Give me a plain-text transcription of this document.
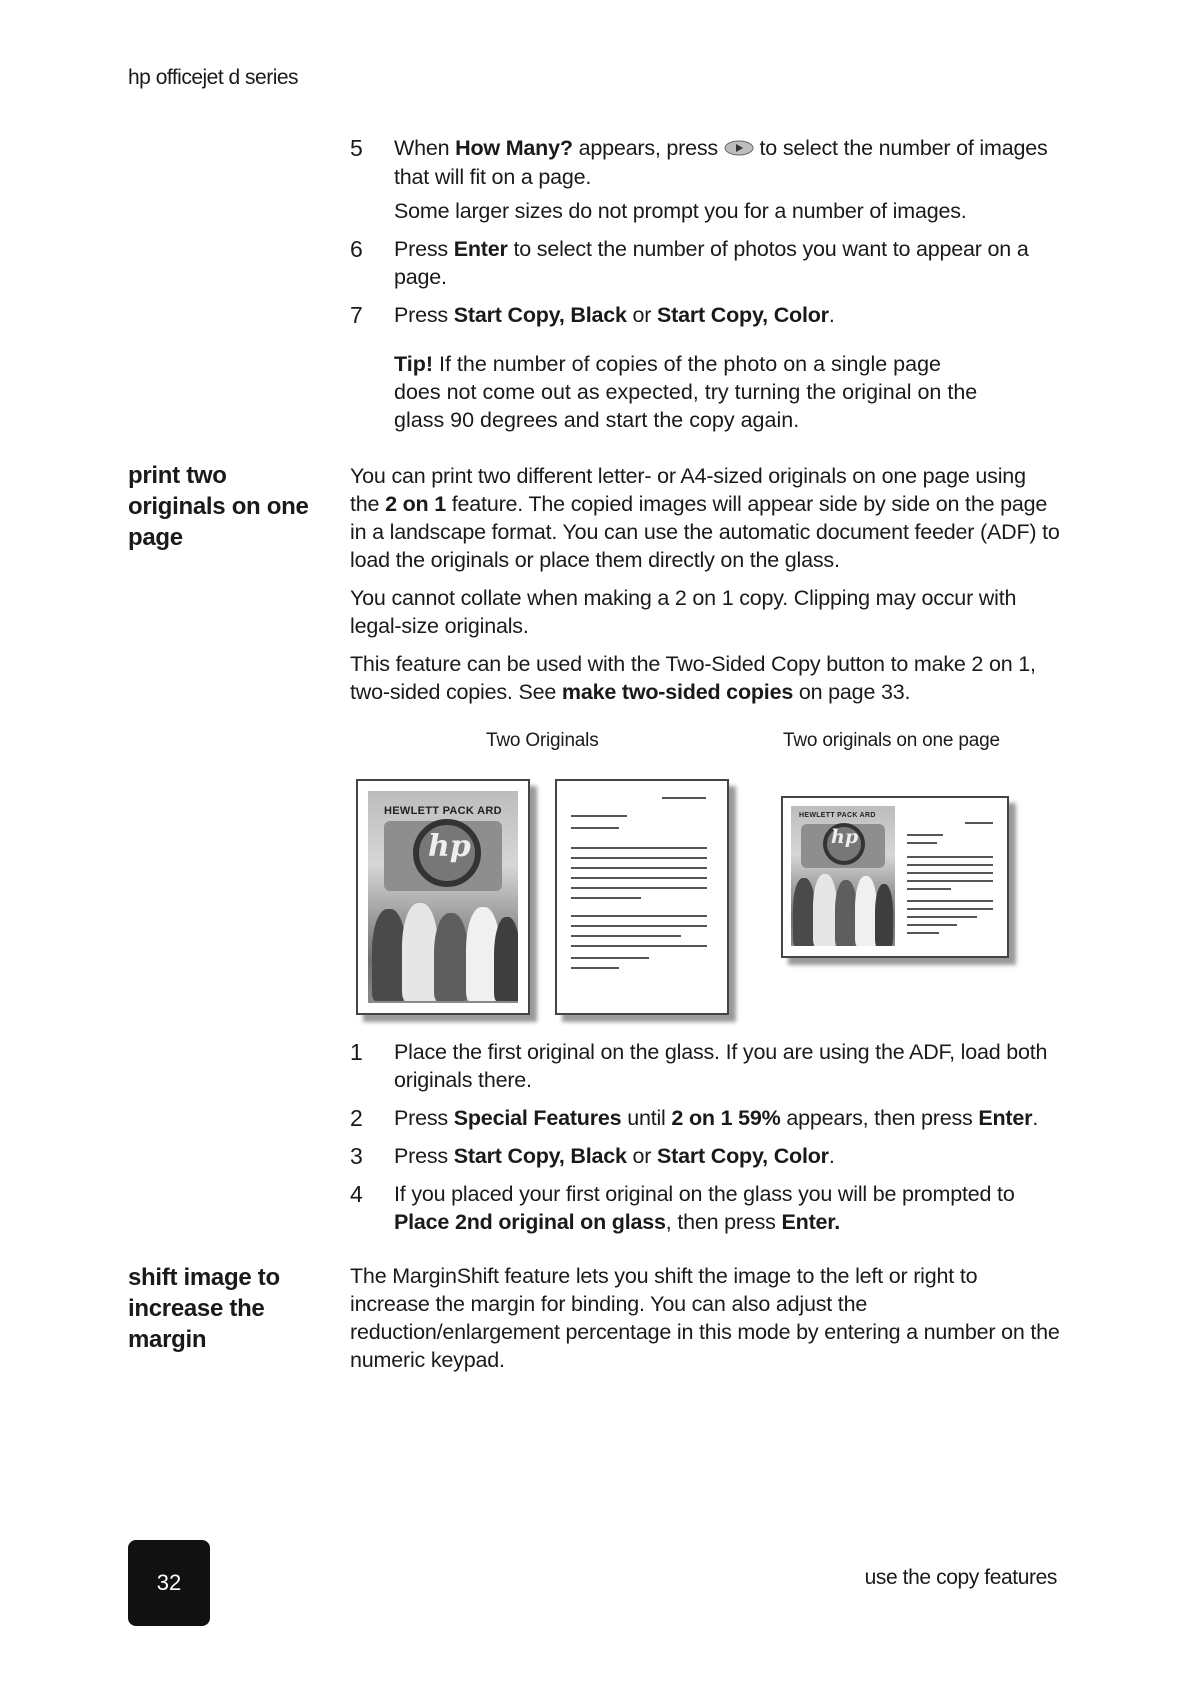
hp officejet d series
5 When How Many? appears, press  to select the number of images that will fit on a page.

Some larger sizes do not prompt you for a number of images.

6 Press Enter to select the number of photos you want to appear on a page.

7 Press Start Copy, Black or Start Copy, Color.

Tip! If the number of copies of the photo on a single page does not come out as expected, try turning the original on the glass 90 degrees and start the copy again.
print two originals on one page

You can print two different letter- or A4-sized originals on one page using the 2 on 1 feature. The copied images will appear side by side on the page in a landscape format. You can use the automatic document feeder (ADF) to load the originals or place them directly on the glass.

You cannot collate when making a 2 on 1 copy. Clipping may occur with legal-size originals.

This feature can be used with the Two-Sided Copy button to make 2 on 1, two-sided copies. See make two-sided copies on page 33.

Two Originals	Two originals on one page
HEWLETT PACK ARD
hp
HEWLETT PACK ARD
hp
1 Place the first original on the glass. If you are using the ADF, load both originals there.

2 Press Special Features until 2 on 1 59% appears, then press Enter.

3 Press Start Copy, Black or Start Copy, Color.

4 If you placed your first original on the glass you will be prompted to Place 2nd original on glass, then press Enter.

shift image to increase the margin

The MarginShift feature lets you shift the image to the left or right to increase the margin for binding. You can also adjust the reduction/enlargement percentage in this mode by entering a number on the numeric keypad.

32	use the copy features
